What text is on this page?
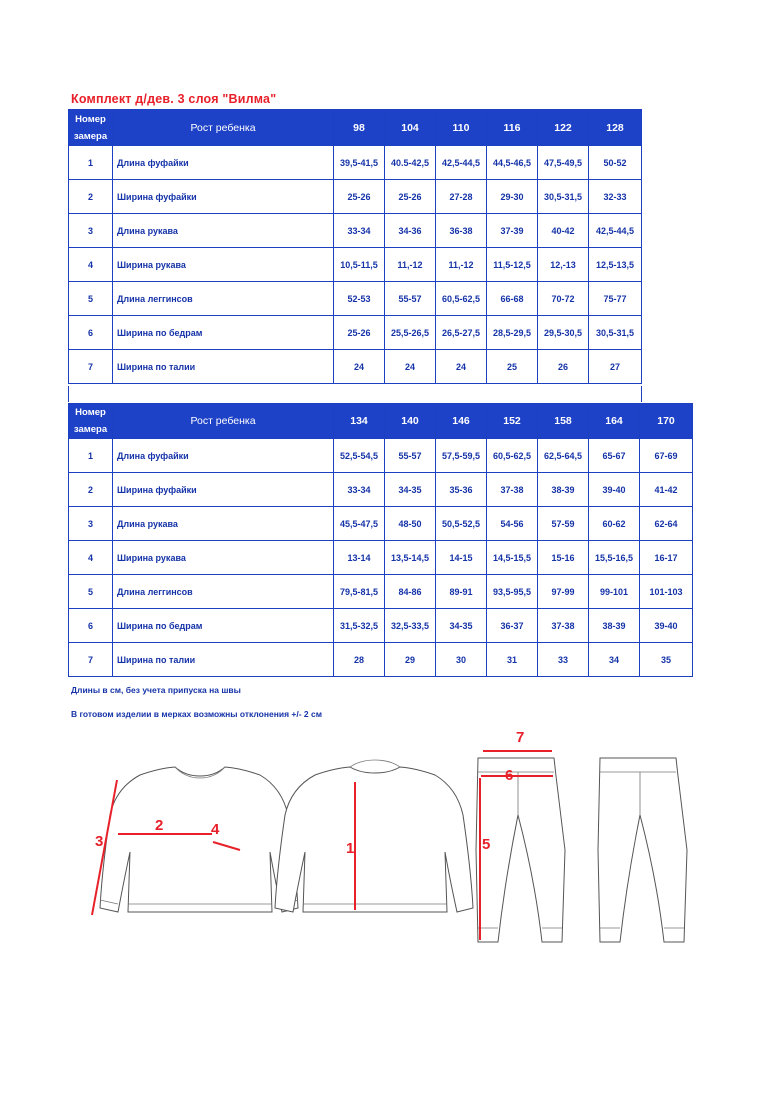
Комплект д/дев. 3 слоя "Вилма"
Номер
замера	Рост ребенка	98	104	110	116	122	128
1	Длина фуфайки	39,5-41,5	40.5-42,5	42,5-44,5	44,5-46,5	47,5-49,5	50-52
2	Ширина фуфайки	25-26	25-26	27-28	29-30	30,5-31,5	32-33
3	Длина рукава	33-34	34-36	36-38	37-39	40-42	42,5-44,5
4	Ширина рукава	10,5-11,5	11,-12	11,-12	11,5-12,5	12,-13	12,5-13,5
5	Длина леггинсов	52-53	55-57	60,5-62,5	66-68	70-72	75-77
6	Ширина по бедрам	25-26	25,5-26,5	26,5-27,5	28,5-29,5	29,5-30,5	30,5-31,5
7	Ширина по талии	24	24	24	25	26	27
Номер
замера	Рост ребенка	134	140	146	152	158	164	170
1	Длина фуфайки	52,5-54,5	55-57	57,5-59,5	60,5-62,5	62,5-64,5	65-67	67-69
2	Ширина фуфайки	33-34	34-35	35-36	37-38	38-39	39-40	41-42
3	Длина рукава	45,5-47,5	48-50	50,5-52,5	54-56	57-59	60-62	62-64
4	Ширина рукава	13-14	13,5-14,5	14-15	14,5-15,5	15-16	15,5-16,5	16-17
5	Длина леггинсов	79,5-81,5	84-86	89-91	93,5-95,5	97-99	99-101	101-103
6	Ширина по бедрам	31,5-32,5	32,5-33,5	34-35	36-37	37-38	38-39	39-40
7	Ширина по талии	28	29	30	31	33	34	35
Длины в см, без учета припуска на швы
В готовом изделии в мерках возможны отклонения +/- 2 см
1
2
3
4
5
6
7
